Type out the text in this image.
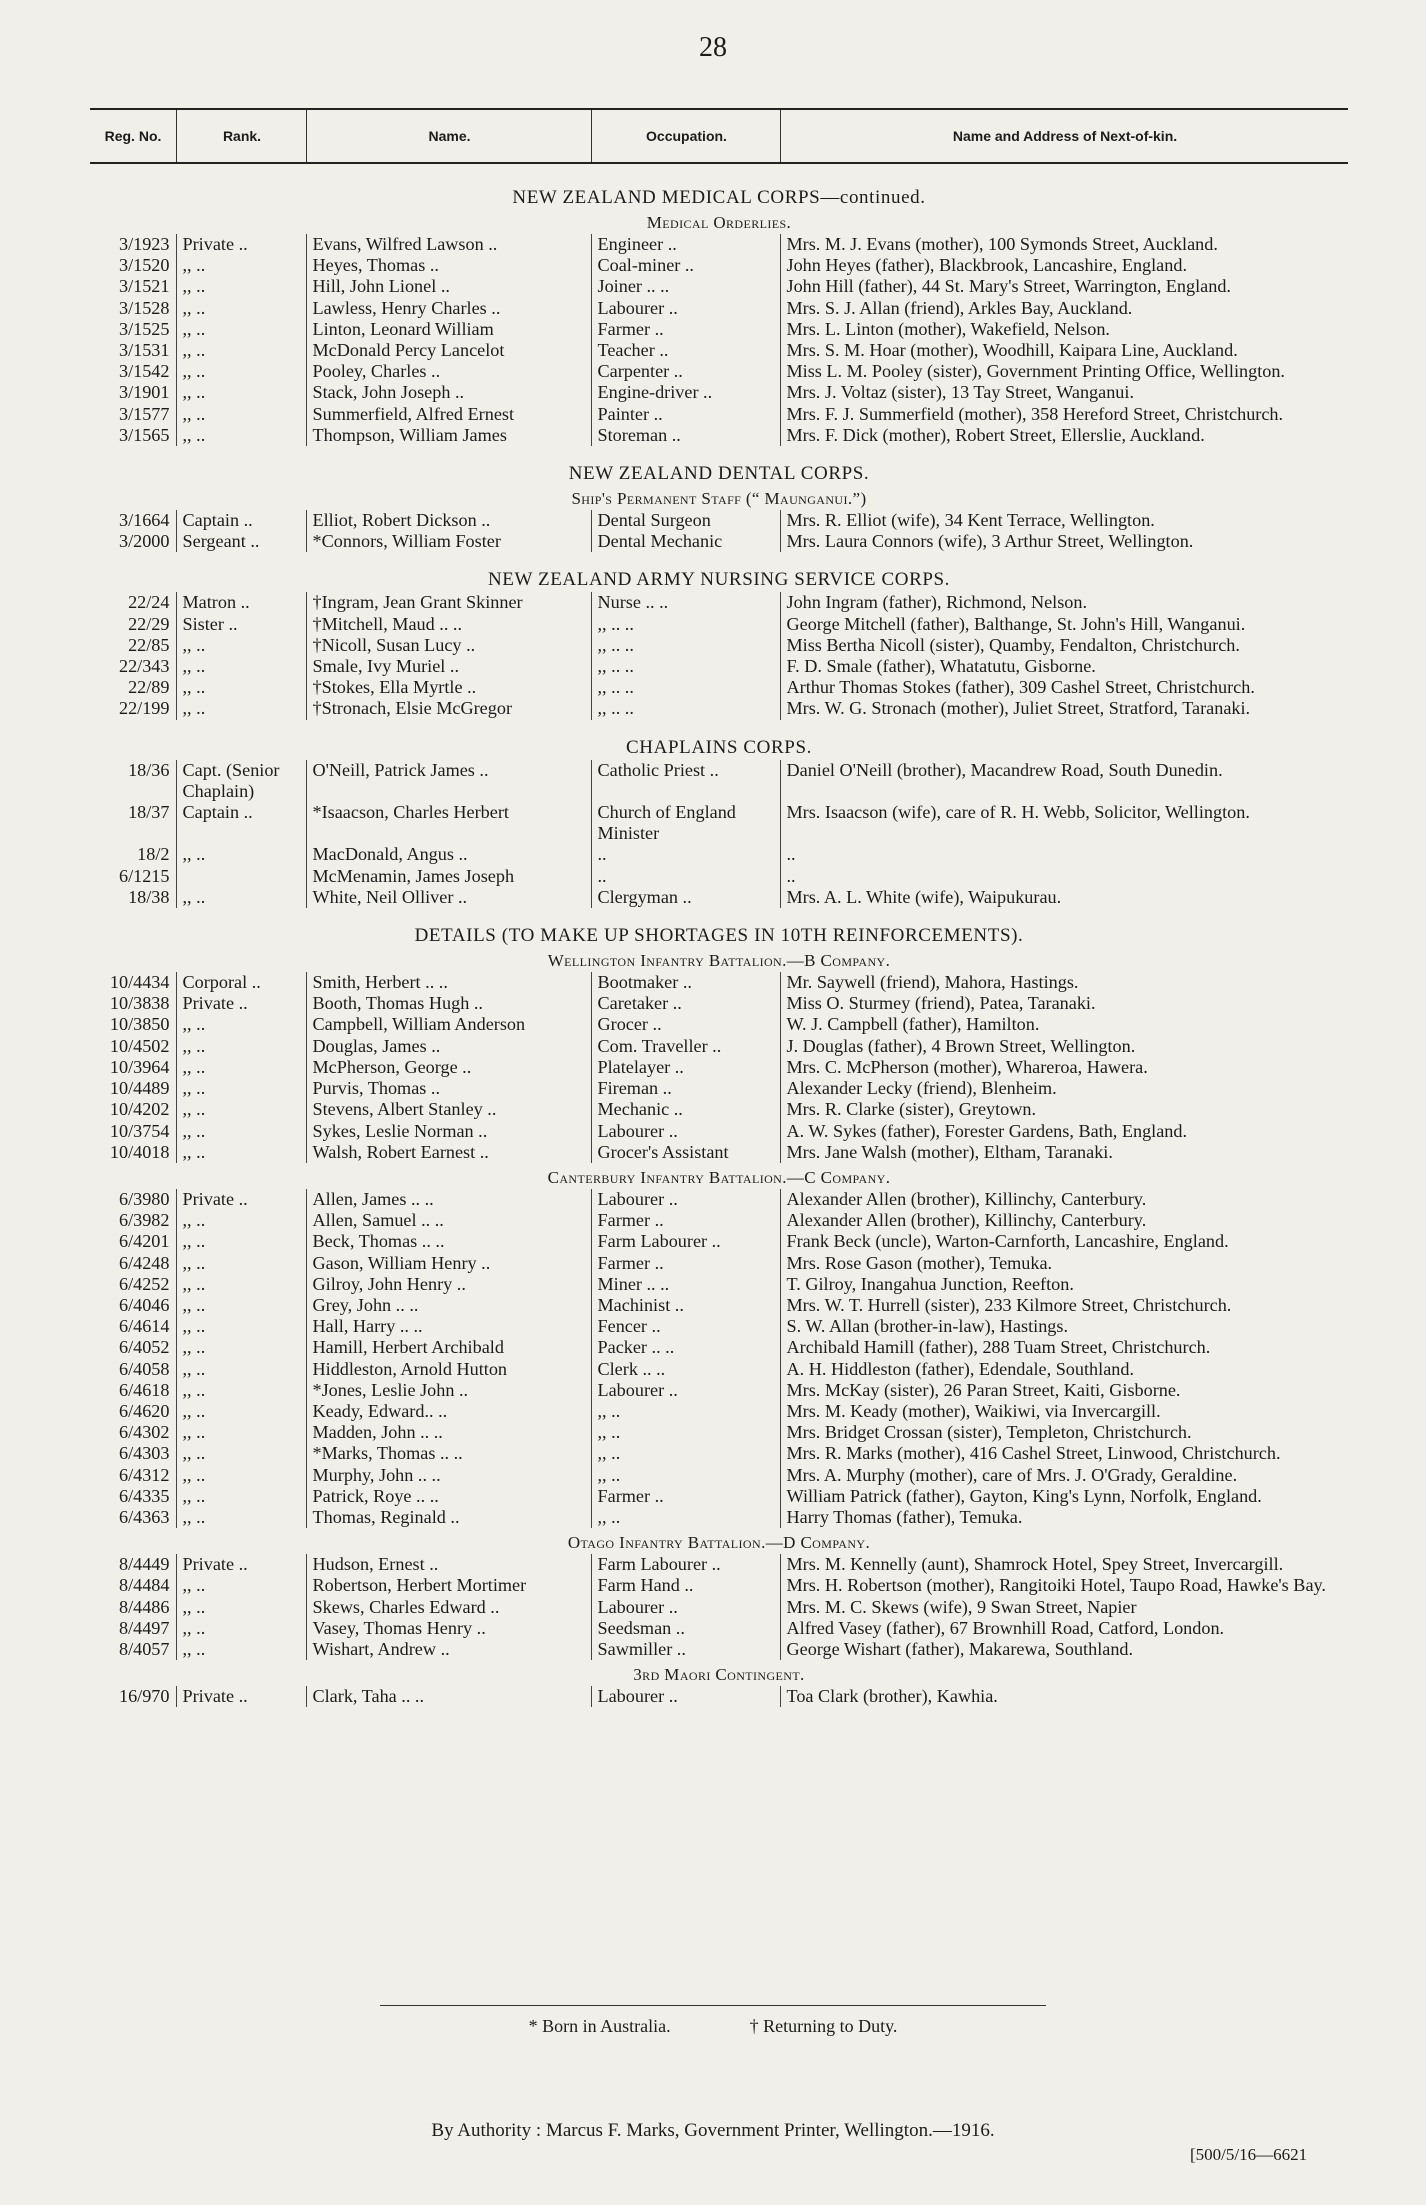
28
Reg. No.	Rank.	Name.	Occupation.	Name and Address of Next-of-kin.
NEW ZEALAND MEDICAL CORPS—continued.
Medical Orderlies.
3/1923	Private ..	Evans, Wilfred Lawson ..	Engineer ..	Mrs. M. J. Evans (mother), 100 Symonds Street, Auckland.
3/1520	,, ..	Heyes, Thomas ..	Coal-miner ..	John Heyes (father), Blackbrook, Lancashire, England.
3/1521	,, ..	Hill, John Lionel ..	Joiner .. ..	John Hill (father), 44 St. Mary's Street, Warrington, England.
3/1528	,, ..	Lawless, Henry Charles ..	Labourer ..	Mrs. S. J. Allan (friend), Arkles Bay, Auckland.
3/1525	,, ..	Linton, Leonard William	Farmer ..	Mrs. L. Linton (mother), Wakefield, Nelson.
3/1531	,, ..	McDonald Percy Lancelot	Teacher ..	Mrs. S. M. Hoar (mother), Woodhill, Kaipara Line, Auckland.
3/1542	,, ..	Pooley, Charles ..	Carpenter ..	Miss L. M. Pooley (sister), Government Printing Office, Wellington.
3/1901	,, ..	Stack, John Joseph ..	Engine-driver ..	Mrs. J. Voltaz (sister), 13 Tay Street, Wanganui.
3/1577	,, ..	Summerfield, Alfred Ernest	Painter ..	Mrs. F. J. Summerfield (mother), 358 Hereford Street, Christchurch.
3/1565	,, ..	Thompson, William James	Storeman ..	Mrs. F. Dick (mother), Robert Street, Ellerslie, Auckland.
NEW ZEALAND DENTAL CORPS.
Ship's Permanent Staff (“ Maunganui.”)
3/1664	Captain ..	Elliot, Robert Dickson ..	Dental Surgeon	Mrs. R. Elliot (wife), 34 Kent Terrace, Wellington.
3/2000	Sergeant ..	*Connors, William Foster	Dental Mechanic	Mrs. Laura Connors (wife), 3 Arthur Street, Wellington.
NEW ZEALAND ARMY NURSING SERVICE CORPS.
22/24	Matron ..	†Ingram, Jean Grant Skinner	Nurse .. ..	John Ingram (father), Richmond, Nelson.
22/29	Sister ..	†Mitchell, Maud .. ..	,, .. ..	George Mitchell (father), Balthange, St. John's Hill, Wanganui.
22/85	,, ..	†Nicoll, Susan Lucy ..	,, .. ..	Miss Bertha Nicoll (sister), Quamby, Fendalton, Christchurch.
22/343	,, ..	Smale, Ivy Muriel ..	,, .. ..	F. D. Smale (father), Whatatutu, Gisborne.
22/89	,, ..	†Stokes, Ella Myrtle ..	,, .. ..	Arthur Thomas Stokes (father), 309 Cashel Street, Christchurch.
22/199	,, ..	†Stronach, Elsie McGregor	,, .. ..	Mrs. W. G. Stronach (mother), Juliet Street, Stratford, Taranaki.
CHAPLAINS CORPS.
18/36	Capt. (Senior Chaplain)	O'Neill, Patrick James ..	Catholic Priest ..	Daniel O'Neill (brother), Macandrew Road, South Dunedin.
18/37	Captain ..	*Isaacson, Charles Herbert	Church of England Minister	Mrs. Isaacson (wife), care of R. H. Webb, Solicitor, Wellington.
18/2	,, ..	MacDonald, Angus ..	..	..
6/1215		McMenamin, James Joseph	..	..
18/38	,, ..	White, Neil Olliver ..	Clergyman ..	Mrs. A. L. White (wife), Waipukurau.
DETAILS (TO MAKE UP SHORTAGES IN 10TH REINFORCEMENTS).
Wellington Infantry Battalion.—B Company.
10/4434	Corporal ..	Smith, Herbert .. ..	Bootmaker ..	Mr. Saywell (friend), Mahora, Hastings.
10/3838	Private ..	Booth, Thomas Hugh ..	Caretaker ..	Miss O. Sturmey (friend), Patea, Taranaki.
10/3850	,, ..	Campbell, William Anderson	Grocer ..	W. J. Campbell (father), Hamilton.
10/4502	,, ..	Douglas, James ..	Com. Traveller ..	J. Douglas (father), 4 Brown Street, Wellington.
10/3964	,, ..	McPherson, George ..	Platelayer ..	Mrs. C. McPherson (mother), Whareroa, Hawera.
10/4489	,, ..	Purvis, Thomas ..	Fireman ..	Alexander Lecky (friend), Blenheim.
10/4202	,, ..	Stevens, Albert Stanley ..	Mechanic ..	Mrs. R. Clarke (sister), Greytown.
10/3754	,, ..	Sykes, Leslie Norman ..	Labourer ..	A. W. Sykes (father), Forester Gardens, Bath, England.
10/4018	,, ..	Walsh, Robert Earnest ..	Grocer's Assistant	Mrs. Jane Walsh (mother), Eltham, Taranaki.
Canterbury Infantry Battalion.—C Company.
6/3980	Private ..	Allen, James .. ..	Labourer ..	Alexander Allen (brother), Killinchy, Canterbury.
6/3982	,, ..	Allen, Samuel .. ..	Farmer ..	Alexander Allen (brother), Killinchy, Canterbury.
6/4201	,, ..	Beck, Thomas .. ..	Farm Labourer ..	Frank Beck (uncle), Warton-Carnforth, Lancashire, England.
6/4248	,, ..	Gason, William Henry ..	Farmer ..	Mrs. Rose Gason (mother), Temuka.
6/4252	,, ..	Gilroy, John Henry ..	Miner .. ..	T. Gilroy, Inangahua Junction, Reefton.
6/4046	,, ..	Grey, John .. ..	Machinist ..	Mrs. W. T. Hurrell (sister), 233 Kilmore Street, Christchurch.
6/4614	,, ..	Hall, Harry .. ..	Fencer ..	S. W. Allan (brother-in-law), Hastings.
6/4052	,, ..	Hamill, Herbert Archibald	Packer .. ..	Archibald Hamill (father), 288 Tuam Street, Christchurch.
6/4058	,, ..	Hiddleston, Arnold Hutton	Clerk .. ..	A. H. Hiddleston (father), Edendale, Southland.
6/4618	,, ..	*Jones, Leslie John ..	Labourer ..	Mrs. McKay (sister), 26 Paran Street, Kaiti, Gisborne.
6/4620	,, ..	Keady, Edward.. ..	,, ..	Mrs. M. Keady (mother), Waikiwi, via Invercargill.
6/4302	,, ..	Madden, John .. ..	,, ..	Mrs. Bridget Crossan (sister), Templeton, Christchurch.
6/4303	,, ..	*Marks, Thomas .. ..	,, ..	Mrs. R. Marks (mother), 416 Cashel Street, Linwood, Christchurch.
6/4312	,, ..	Murphy, John .. ..	,, ..	Mrs. A. Murphy (mother), care of Mrs. J. O'Grady, Geraldine.
6/4335	,, ..	Patrick, Roye .. ..	Farmer ..	William Patrick (father), Gayton, King's Lynn, Norfolk, England.
6/4363	,, ..	Thomas, Reginald ..	,, ..	Harry Thomas (father), Temuka.
Otago Infantry Battalion.—D Company.
8/4449	Private ..	Hudson, Ernest ..	Farm Labourer ..	Mrs. M. Kennelly (aunt), Shamrock Hotel, Spey Street, Invercargill.
8/4484	,, ..	Robertson, Herbert Mortimer	Farm Hand ..	Mrs. H. Robertson (mother), Rangitoiki Hotel, Taupo Road, Hawke's Bay.
8/4486	,, ..	Skews, Charles Edward ..	Labourer ..	Mrs. M. C. Skews (wife), 9 Swan Street, Napier
8/4497	,, ..	Vasey, Thomas Henry ..	Seedsman ..	Alfred Vasey (father), 67 Brownhill Road, Catford, London.
8/4057	,, ..	Wishart, Andrew ..	Sawmiller ..	George Wishart (father), Makarewa, Southland.
3rd Maori Contingent.
16/970	Private ..	Clark, Taha .. ..	Labourer ..	Toa Clark (brother), Kawhia.
* Born in Australia.	† Returning to Duty.
By Authority : Marcus F. Marks, Government Printer, Wellington.—1916.
[500/5/16—6621
